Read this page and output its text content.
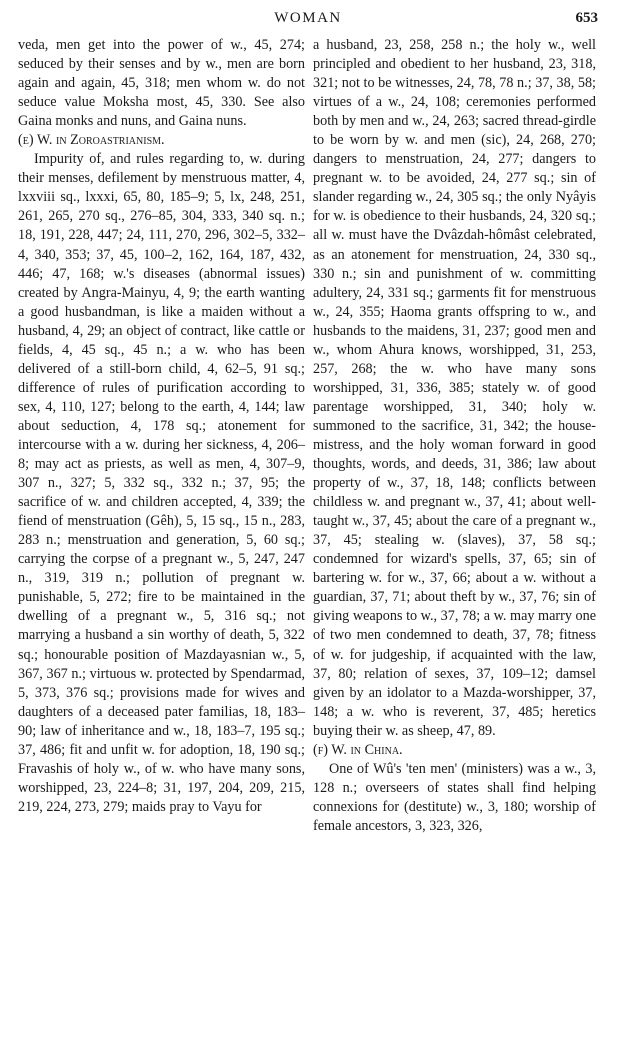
WOMAN	653

veda, men get into the power of w., 45, 274; seduced by their senses and by w., men are born again and again, 45, 318; men whom w. do not seduce value Moksha most, 45, 330. See also Gaina monks and nuns, and Gaina nuns.

(e) W. in Zoroastrianism.

Impurity of, and rules regarding to, w. during their menses, defilement by menstruous matter, 4, lxxviii sq., lxxxi, 65, 80, 185–9; 5, lx, 248, 251, 261, 265, 270 sq., 276–85, 304, 333, 340 sq. n.; 18, 191, 228, 447; 24, 111, 270, 296, 302–5, 332–4, 340, 353; 37, 45, 100–2, 162, 164, 187, 432, 446; 47, 168; w.'s diseases (abnormal issues) created by Angra-Mainyu, 4, 9; the earth wanting a good husbandman, is like a maiden without a husband, 4, 29; an object of contract, like cattle or fields, 4, 45 sq., 45 n.; a w. who has been delivered of a still-born child, 4, 62–5, 91 sq.; difference of rules of purification according to sex, 4, 110, 127; belong to the earth, 4, 144; law about seduction, 4, 178 sq.; atonement for intercourse with a w. during her sickness, 4, 206–8; may act as priests, as well as men, 4, 307–9, 307 n., 327; 5, 332 sq., 332 n.; 37, 95; the sacrifice of w. and children accepted, 4, 339; the fiend of menstruation (Gêh), 5, 15 sq., 15 n., 283, 283 n.; menstruation and generation, 5, 60 sq.; carrying the corpse of a pregnant w., 5, 247, 247 n., 319, 319 n.; pollution of pregnant w. punishable, 5, 272; fire to be maintained in the dwelling of a pregnant w., 5, 316 sq.; not marrying a husband a sin worthy of death, 5, 322 sq.; honourable position of Mazdayasnian w., 5, 367, 367 n.; virtuous w. protected by Spendarmad, 5, 373, 376 sq.; provisions made for wives and daughters of a deceased pater familias, 18, 183–90; law of inheritance and w., 18, 183–7, 195 sq.; 37, 486; fit and unfit w. for adoption, 18, 190 sq.; Fravashis of holy w., of w. who have many sons, worshipped, 23, 224–8; 31, 197, 204, 209, 215, 219, 224, 273, 279; maids pray to Vayu for

a husband, 23, 258, 258 n.; the holy w., well principled and obedient to her husband, 23, 318, 321; not to be witnesses, 24, 78, 78 n.; 37, 38, 58; virtues of a w., 24, 108; ceremonies performed both by men and w., 24, 263; sacred thread-girdle to be worn by w. and men (sic), 24, 268, 270; dangers to menstruation, 24, 277; dangers to pregnant w. to be avoided, 24, 277 sq.; sin of slander regarding w., 24, 305 sq.; the only Nyâyis for w. is obedience to their husbands, 24, 320 sq.; all w. must have the Dvâzdah-hômâst celebrated, as an atonement for menstruation, 24, 330 sq., 330 n.; sin and punishment of w. committing adultery, 24, 331 sq.; garments fit for menstruous w., 24, 355; Haoma grants offspring to w., and husbands to the maidens, 31, 237; good men and w., whom Ahura knows, worshipped, 31, 253, 257, 268; the w. who have many sons worshipped, 31, 336, 385; stately w. of good parentage worshipped, 31, 340; holy w. summoned to the sacrifice, 31, 342; the house-mistress, and the holy woman forward in good thoughts, words, and deeds, 31, 386; law about property of w., 37, 18, 148; conflicts between childless w. and pregnant w., 37, 41; about well-taught w., 37, 45; about the care of a pregnant w., 37, 45; stealing w. (slaves), 37, 58 sq.; condemned for wizard's spells, 37, 65; sin of bartering w. for w., 37, 66; about a w. without a guardian, 37, 71; about theft by w., 37, 76; sin of giving weapons to w., 37, 78; a w. may marry one of two men condemned to death, 37, 78; fitness of w. for judgeship, if acquainted with the law, 37, 80; relation of sexes, 37, 109–12; damsel given by an idolator to a Mazda-worshipper, 37, 148; a w. who is reverent, 37, 485; heretics buying their w. as sheep, 47, 89.

(f) W. in China.

One of Wû's 'ten men' (ministers) was a w., 3, 128 n.; overseers of states shall find helping connexions for (destitute) w., 3, 180; worship of female ancestors, 3, 323, 326,
